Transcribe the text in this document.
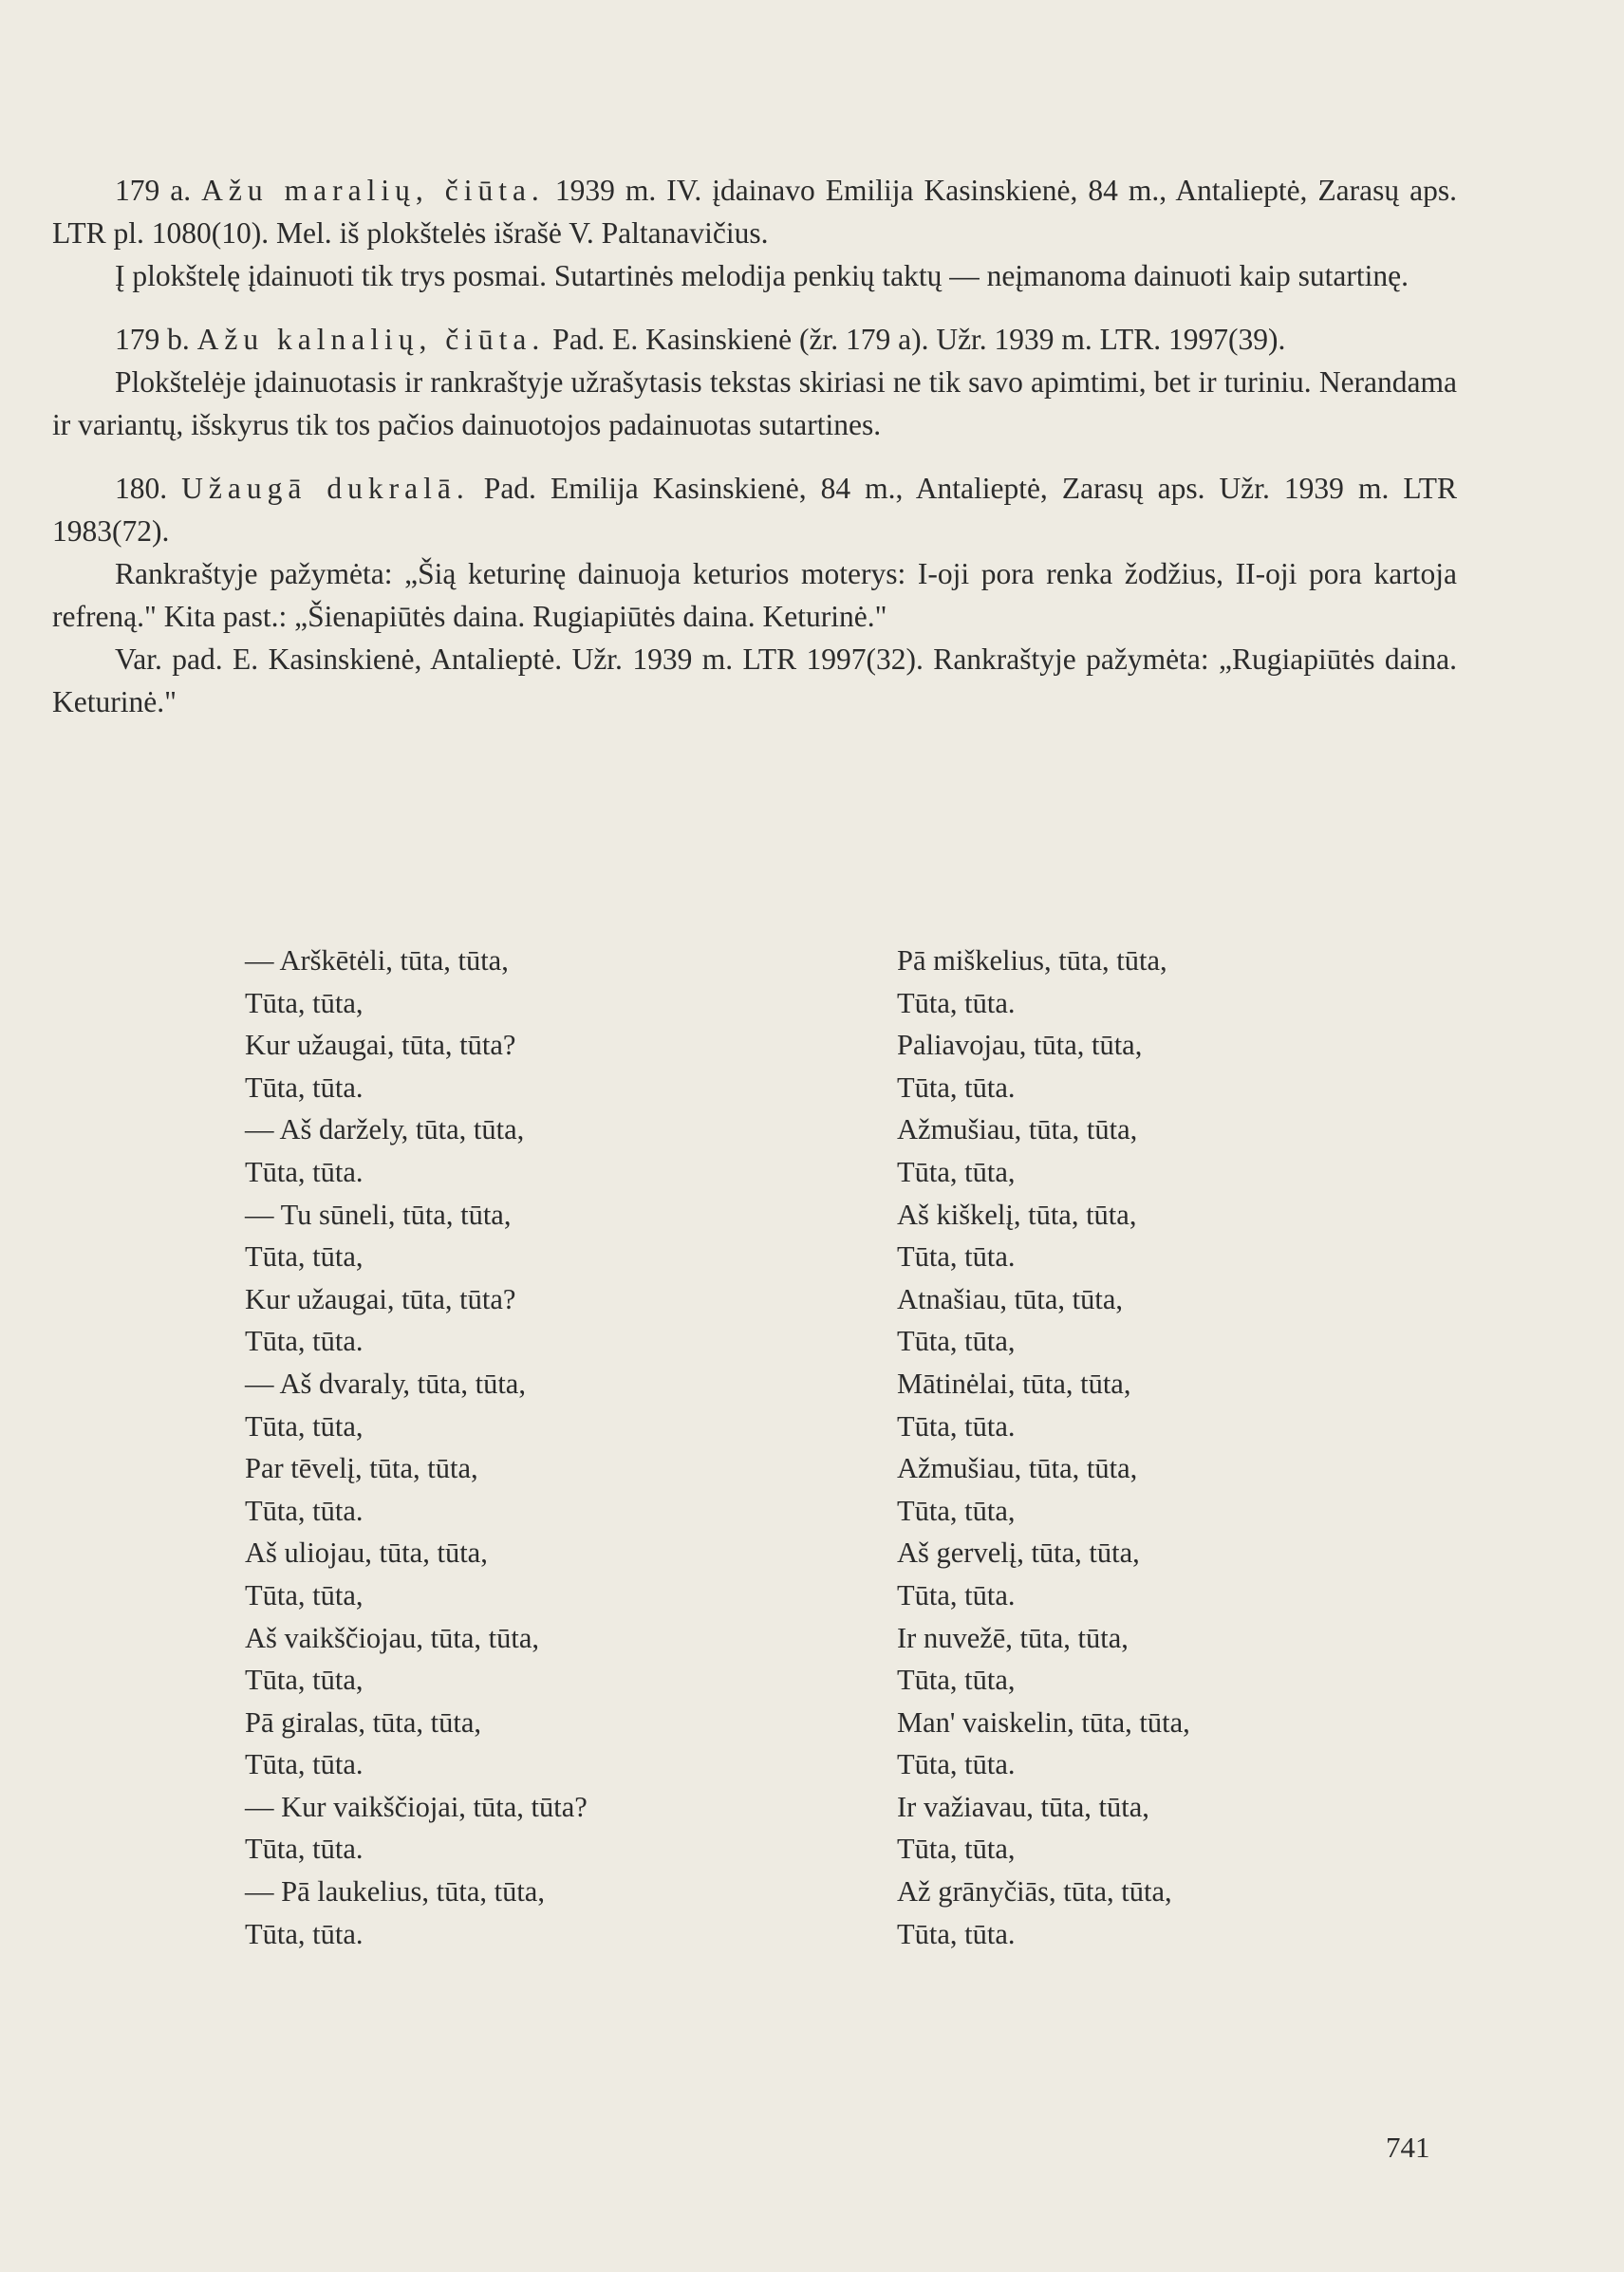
179 a. Ažu maralių, čiūta. 1939 m. IV. įdainavo Emilija Kasinskienė, 84 m., Antalieptė, Zarasų aps. LTR pl. 1080(10). Mel. iš plokštelės išrašė V. Paltanavičius.

Į plokštelę įdainuoti tik trys posmai. Sutartinės melodija penkių taktų — neįmanoma dainuoti kaip sutartinę.

179 b. Ažu kalnalių, čiūta. Pad. E. Kasinskienė (žr. 179 a). Užr. 1939 m. LTR. 1997(39).

Plokštelėje įdainuotasis ir rankraštyje užrašytasis tekstas skiriasi ne tik savo apimtimi, bet ir turiniu. Nerandama ir variantų, išskyrus tik tos pačios dainuotojos padainuotas sutartines.

180. Užaugā dukralā. Pad. Emilija Kasinskienė, 84 m., Antalieptė, Zarasų aps. Užr. 1939 m. LTR 1983(72).

Rankraštyje pažymėta: „Šią keturinę dainuoja keturios moterys: I-oji pora renka žodžius, II-oji pora kartoja refreną." Kita past.: „Šienapiūtės daina. Rugiapiūtės daina. Keturinė."

Var. pad. E. Kasinskienė, Antalieptė. Užr. 1939 m. LTR 1997(32). Rankraštyje pažymėta: „Rugiapiūtės daina. Keturinė."

— Arškētėli, tūta, tūta,
Tūta, tūta,
Kur užaugai, tūta, tūta?
Tūta, tūta.
— Aš darželу, tūta, tūta,
Tūta, tūta.
— Tu sūneli, tūta, tūta,
Tūta, tūta,
Kur užaugai, tūta, tūta?
Tūta, tūta.
— Aš dvaralу, tūta, tūta,
Tūta, tūta,
Par tēvelį, tūta, tūta,
Tūta, tūta.
Aš uliojau, tūta, tūta,
Tūta, tūta,
Aš vaikščiojau, tūta, tūta,
Tūta, tūta,
Pā giralas, tūta, tūta,
Tūta, tūta.
— Kur vaikščiojai, tūta, tūta?
Tūta, tūta.
— Pā laukelius, tūta, tūta,
Tūta, tūta.
Pā miškelius, tūta, tūta,
Tūta, tūta.
Paliavojau, tūta, tūta,
Tūta, tūta.
Ažmušiau, tūta, tūta,
Tūta, tūta,
Aš kiškelį, tūta, tūta,
Tūta, tūta.
Atnašiau, tūta, tūta,
Tūta, tūta,
Mātinėlai, tūta, tūta,
Tūta, tūta.
Ažmušiau, tūta, tūta,
Tūta, tūta,
Aš gervelį, tūta, tūta,
Tūta, tūta.
Ir nuvežē, tūta, tūta,
Tūta, tūta,
Man' vaiskelin, tūta, tūta,
Tūta, tūta.
Ir važiavau, tūta, tūta,
Tūta, tūta,
Až grānyčiās, tūta, tūta,
Tūta, tūta.
741
